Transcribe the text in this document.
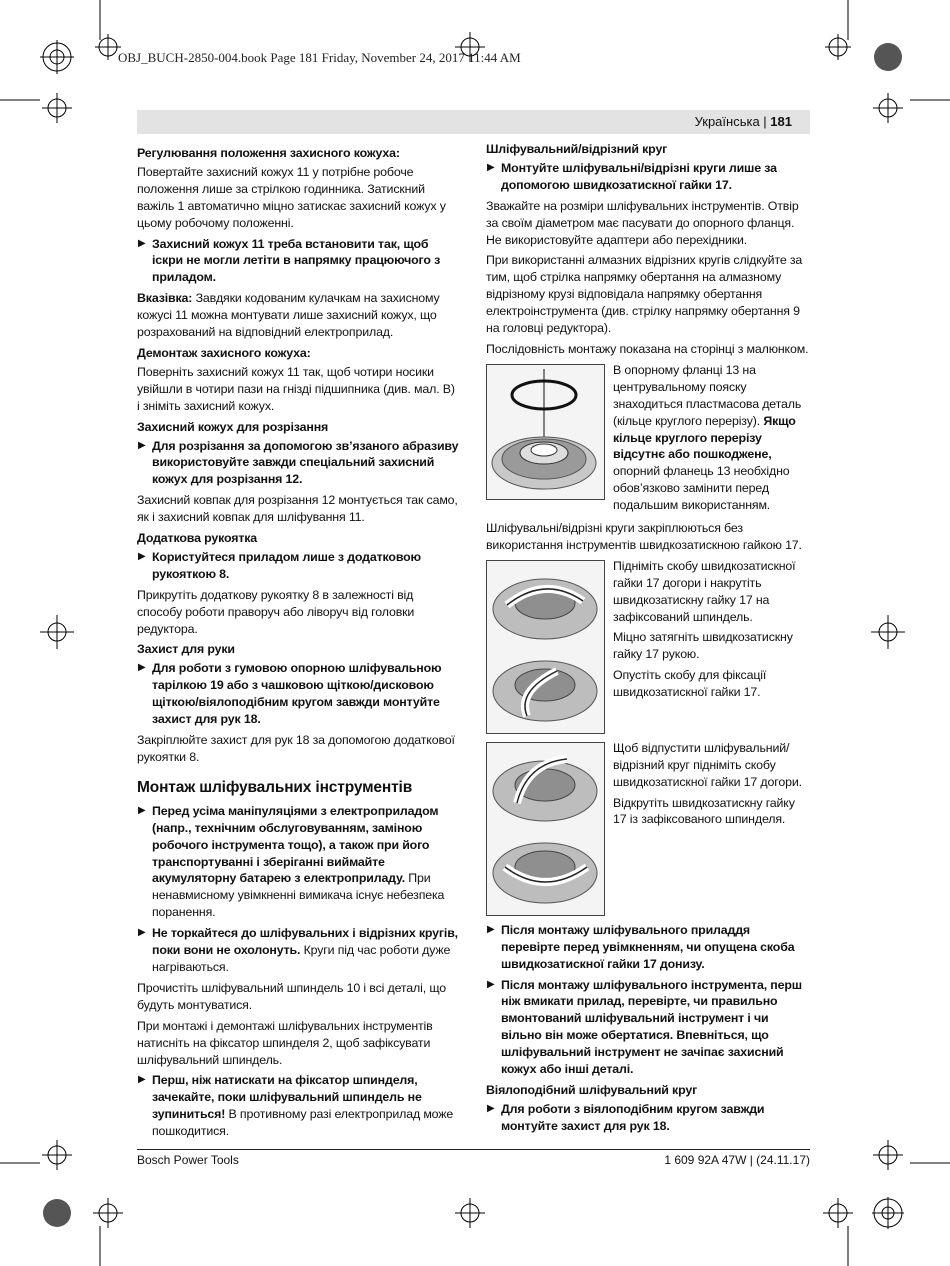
OBJ_BUCH-2850-004.book Page 181 Friday, November 24, 2017 11:44 AM
Українська | 181
Регулювання положення захисного кожуха:

Повертайте захисний кожух 11 у потрібне робоче положення лише за стрілкою годинника. Затискний важіль 1 автоматично міцно затискає захисний кожух у цьому робочому положенні.

▶ Захисний кожух 11 треба встановити так, щоб іскри не могли летіти в напрямку працюючого з приладом.

Вказівка: Завдяки кодованим кулачкам на захисному кожусі 11 можна монтувати лише захисний кожух, що розрахований на відповідний електроприлад.

Демонтаж захисного кожуха:

Поверніть захисний кожух 11 так, щоб чотири носики увійшли в чотири пази на гнізді підшипника (див. мал. B) і зніміть захисний кожух.

Захисний кожух для розрізання
▶ Для розрізання за допомогою зв’язаного абразиву використовуйте завжди спеціальний захисний кожух для розрізання 12.

Захисний ковпак для розрізання 12 монтується так само, як і захисний ковпак для шліфування 11.

Додаткова рукоятка
▶ Користуйтеся приладом лише з додатковою рукояткою 8.

Прикрутіть додаткову рукоятку 8 в залежності від способу роботи праворуч або ліворуч від головки редуктора.

Захист для руки
▶ Для роботи з гумовою опорною шліфувальною тарілкою 19 або з чашковою щіткою/дисковою щіткою/віялоподібним кругом завжди монтуйте захист для рук 18.

Закріплюйте захист для рук 18 за допомогою додаткової рукоятки 8.

Монтаж шліфувальних інструментів
▶ Перед усіма маніпуляціями з електроприладом (напр., технічним обслуговуванням, заміною робочого інструмента тощо), а також при його транспортуванні і зберіганні виймайте акумуляторну батарею з електроприладу. При ненавмисному увімкненні вимикача існує небезпека поранення.
▶ Не торкайтеся до шліфувальних і відрізних кругів, поки вони не охолонуть. Круги під час роботи дуже нагріваються.

Прочистіть шліфувальний шпиндель 10 і всі деталі, що будуть монтуватися.

При монтажі і демонтажі шліфувальних інструментів натисніть на фіксатор шпинделя 2, щоб зафіксувати шліфувальний шпиндель.

▶ Перш, ніж натискати на фіксатор шпинделя, зачекайте, поки шліфувальний шпиндель не зупиниться! В противному разі електроприлад може пошкодитися.
Шліфувальний/відрізний круг
▶ Монтуйте шліфувальні/відрізні круги лише за допомогою швидкозатискної гайки 17.

Зважайте на розміри шліфувальних інструментів. Отвір за своїм діаметром має пасувати до опорного фланця. Не використовуйте адаптери або перехідники.

При використанні алмазних відрізних кругів слідкуйте за тим, щоб стрілка напрямку обертання на алмазному відрізному крузі відповідала напрямку обертання електроінструмента (див. стрілку напрямку обертання 9 на головці редуктора).

Послідовність монтажу показана на сторінці з малюнком.

В опорному фланці 13 на центрувальному пояску знаходиться пластмасова деталь (кільце круглого перерізу). Якщо кільце круглого перерізу відсутнє або пошкоджене, опорний фланець 13 необхідно обов’язково замінити перед подальшим використанням.

Шліфувальні/відрізні круги закріплюються без використання інструментів швидкозатискною гайкою 17.

Підніміть скобу швидкозатискної гайки 17 догори і накрутіть швидкозатискну гайку 17 на зафіксований шпиндель.

Міцно затягніть швидкозатискну гайку 17 рукою.

Опустіть скобу для фіксації швидкозатискної гайки 17.

Щоб відпустити шліфувальний/відрізний круг підніміть скобу швидкозатискної гайки 17 догори.

Відкрутіть швидкозатискну гайку 17 із зафіксованого шпинделя.

▶ Після монтажу шліфувального приладдя перевірте перед увімкненням, чи опущена скоба швидкозатискної гайки 17 донизу.
▶ Після монтажу шліфувального інструмента, перш ніж вмикати прилад, перевірте, чи правильно вмонтований шліфувальний інструмент і чи вільно він може обертатися. Впевніться, що шліфувальний інструмент не зачіпає захисний кожух або інші деталі.
Віялоподібний шліфувальний круг
▶ Для роботи з віялоподібним кругом завжди монтуйте захист для рук 18.
Bosch Power Tools	1 609 92A 47W | (24.11.17)
